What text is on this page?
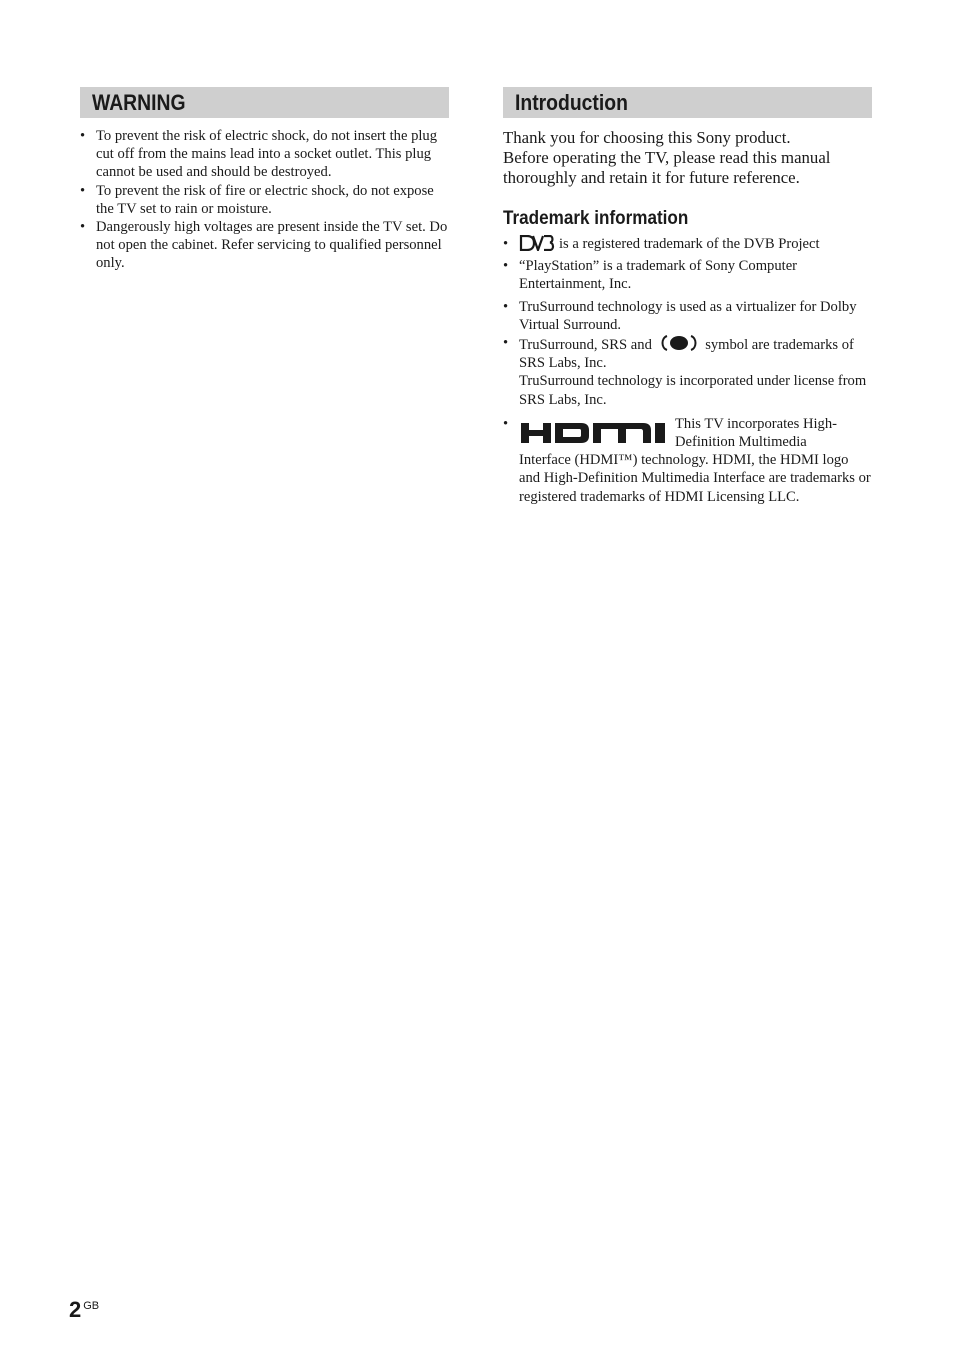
WARNING
• To prevent the risk of electric shock, do not insert the plug cut off from the mains lead into a socket outlet. This plug cannot be used and should be destroyed.
• To prevent the risk of fire or electric shock, do not expose the TV set to rain or moisture.
• Dangerously high voltages are present inside the TV set. Do not open the cabinet. Refer servicing to qualified personnel only.
Introduction

Thank you for choosing this Sony product.

Before operating the TV, please read this manual thoroughly and retain it for future reference.

Trademark information
• is a registered trademark of the DVB Project
• “PlayStation” is a trademark of Sony Computer Entertainment, Inc.
• TruSurround technology is used as a virtualizer for Dolby Virtual Surround.
• TruSurround, SRS and	symbol are trademarks of SRS Labs, Inc.
TruSurround technology is incorporated under license from SRS Labs, Inc.
• This TV incorporates High-Definition Multimedia
Interface (HDMI™) technology. HDMI, the HDMI logo and High-Definition Multimedia Interface are trademarks or registered trademarks of HDMI Licensing LLC.
2 $^{GB}$
